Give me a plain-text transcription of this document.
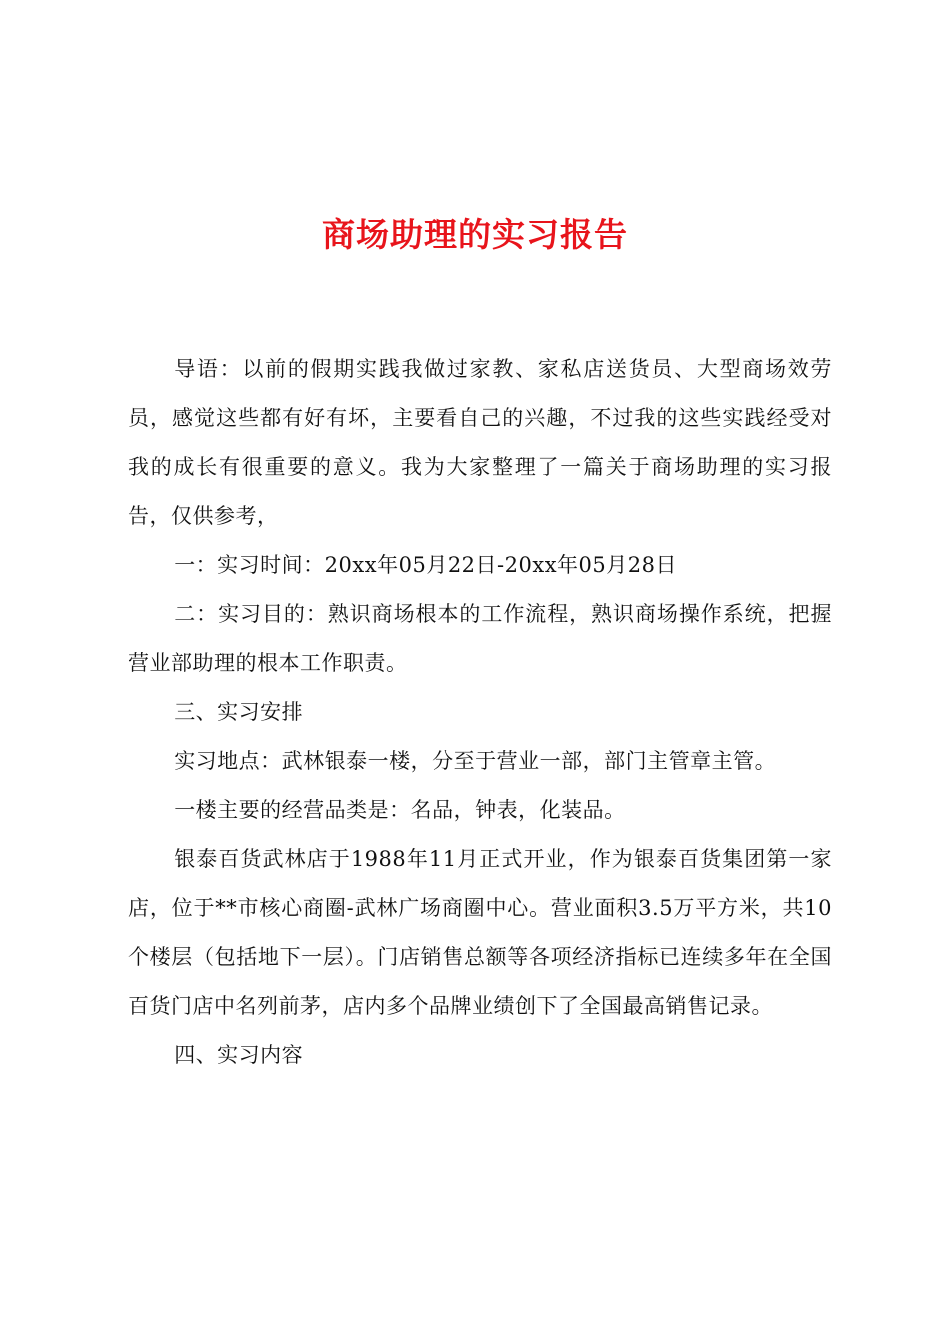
商场助理的实习报告

导语：以前的假期实践我做过家教、家私店送货员、大型商场效劳员，感觉这些都有好有坏，主要看自己的兴趣，不过我的这些实践经受对我的成长有很重要的意义。我为大家整理了一篇关于商场助理的实习报告，仅供参考，

一：实习时间：20xx年05月22日-20xx年05月28日

二：实习目的：熟识商场根本的工作流程，熟识商场操作系统，把握营业部助理的根本工作职责。

三、实习安排

实习地点：武林银泰一楼，分至于营业一部，部门主管章主管。

一楼主要的经营品类是：名品，钟表，化装品。

银泰百货武林店于1988年11月正式开业，作为银泰百货集团第一家店，位于**市核心商圈-武林广场商圈中心。营业面积3.5万平方米，共10个楼层（包括地下一层）。门店销售总额等各项经济指标已连续多年在全国百货门店中名列前茅，店内多个品牌业绩创下了全国最高销售记录。

四、实习内容
